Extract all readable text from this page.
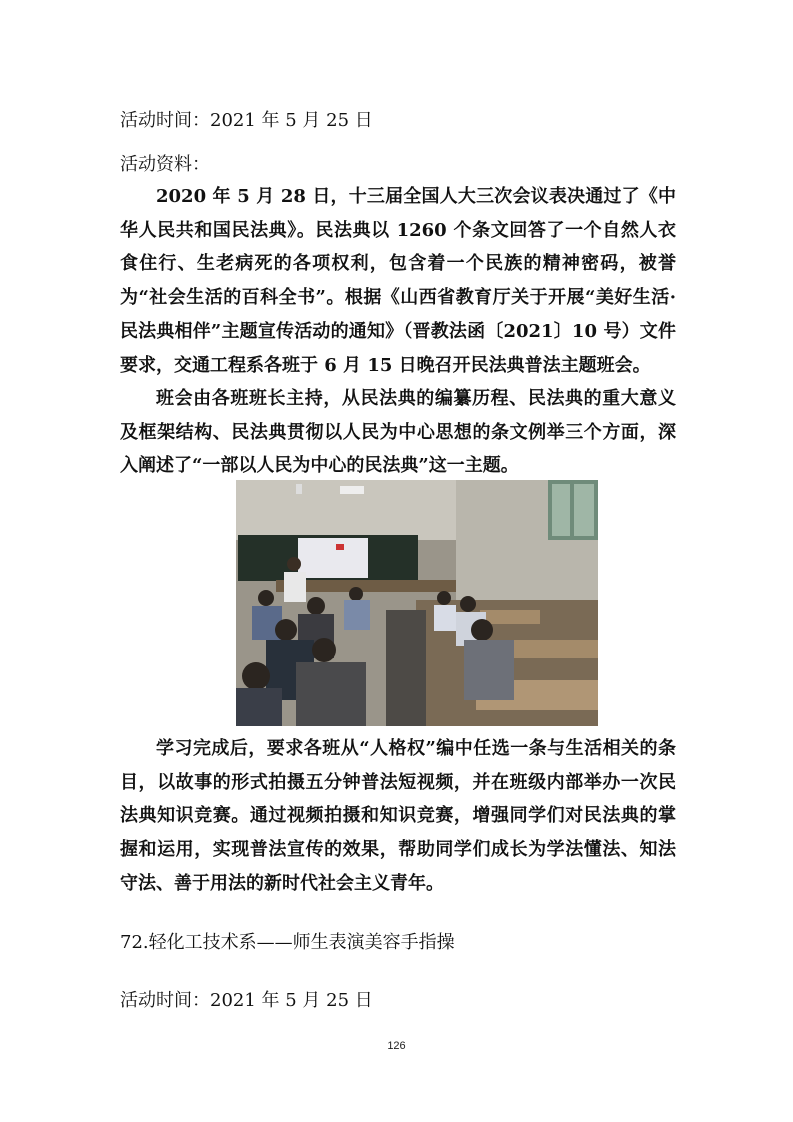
活动时间：2021 年 5 月 25 日
活动资料：

2020 年 5 月 28 日，十三届全国人大三次会议表决通过了《中华人民共和国民法典》。民法典以 1260 个条文回答了一个自然人衣食住行、生老病死的各项权利，包含着一个民族的精神密码，被誉为“社会生活的百科全书”。根据《山西省教育厅关于开展“美好生活·民法典相伴”主题宣传活动的通知》（晋教法函〔2021〕10 号）文件要求，交通工程系各班于 6 月 15 日晚召开民法典普法主题班会。

班会由各班班长主持，从民法典的编纂历程、民法典的重大意义及框架结构、民法典贯彻以人民为中心思想的条文例举三个方面，深入阐述了“一部以人民为中心的民法典”这一主题。

学习完成后，要求各班从“人格权”编中任选一条与生活相关的条目，以故事的形式拍摄五分钟普法短视频，并在班级内部举办一次民法典知识竞赛。通过视频拍摄和知识竞赛，增强同学们对民法典的掌握和运用，实现普法宣传的效果，帮助同学们成长为学法懂法、知法守法、善于用法的新时代社会主义青年。

72.轻化工技术系——师生表演美容手指操
活动时间：2021 年 5 月 25 日
126
